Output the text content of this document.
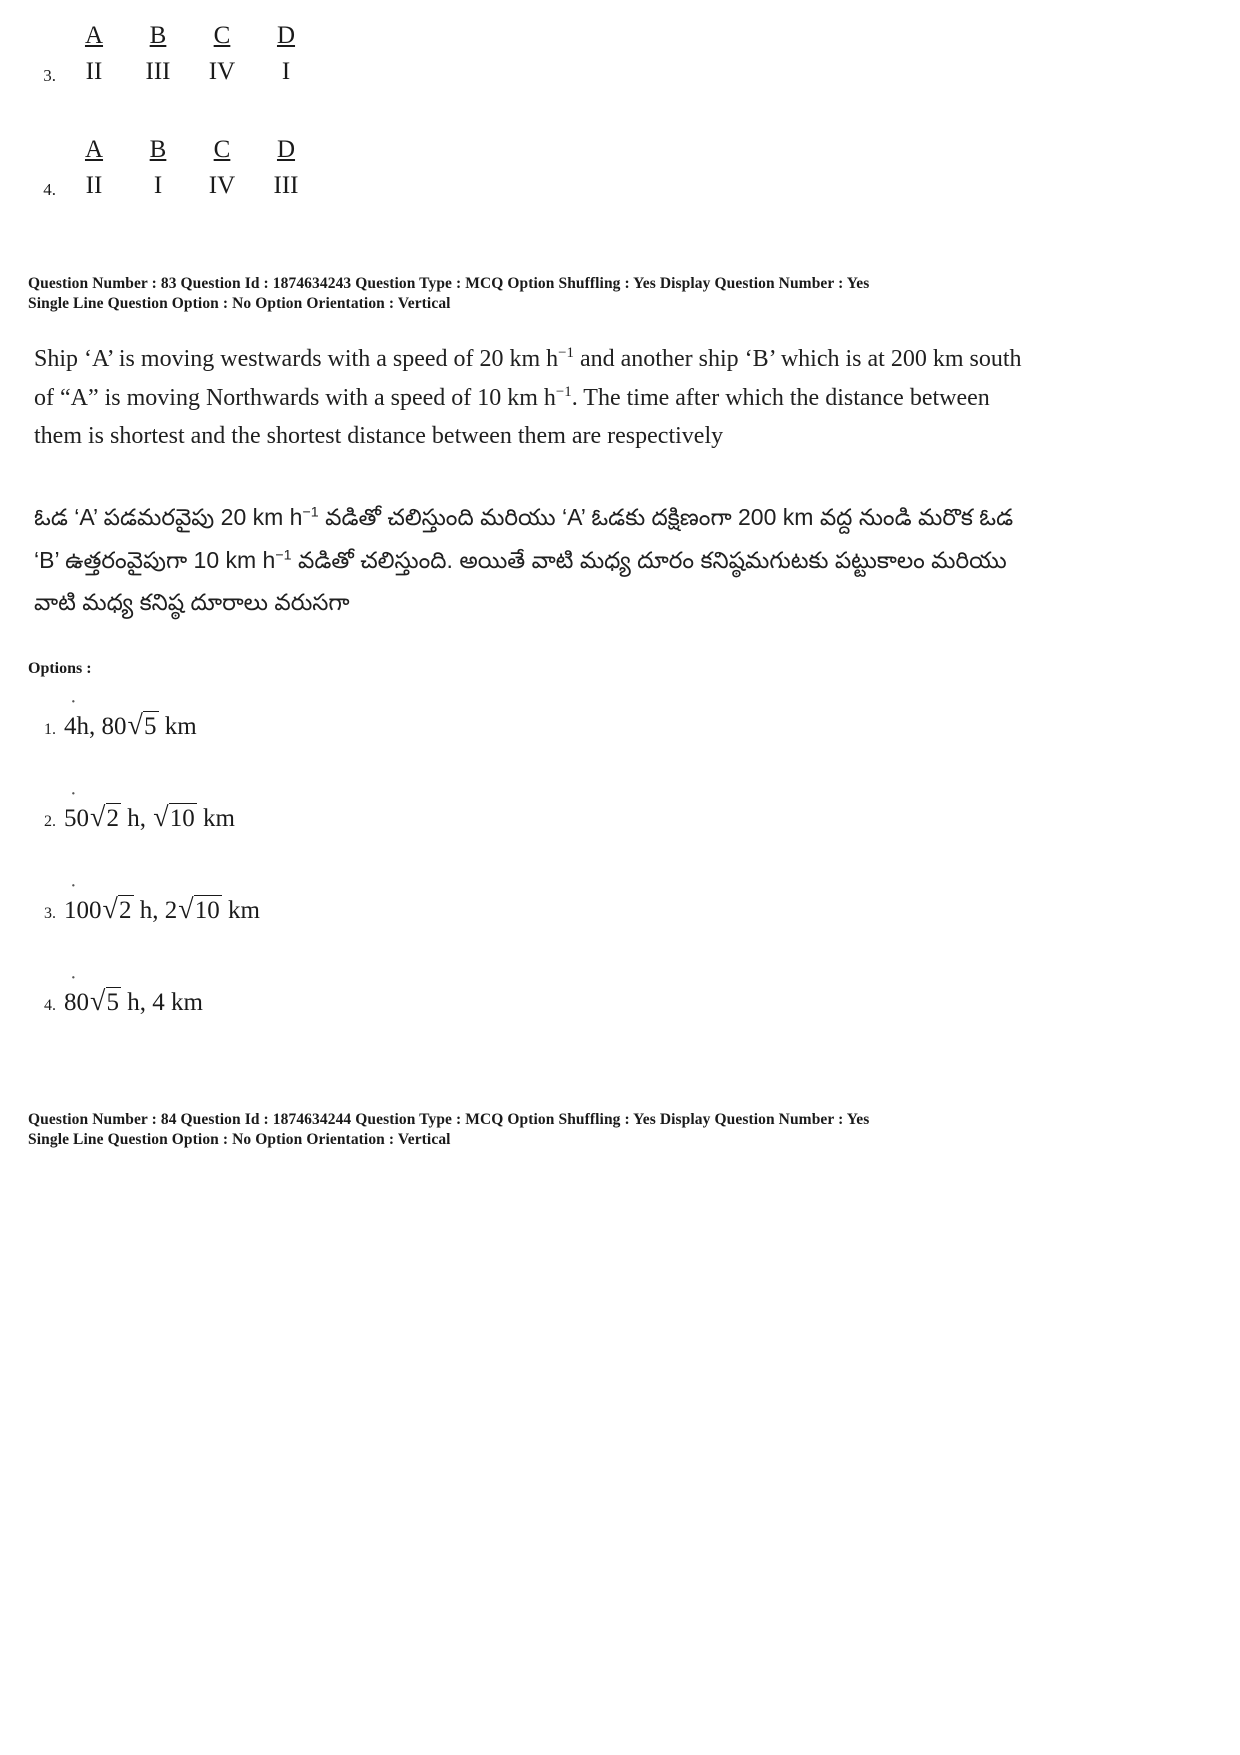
3.
A	B	C	D
II	III	IV	I
4.
A	B	C	D
II	I	IV	III
Question Number : 83 Question Id : 1874634243 Question Type : MCQ Option Shuffling : Yes Display Question Number : Yes
Single Line Question Option : No Option Orientation : Vertical
Ship ‘A’ is moving westwards with a speed of 20 km $h^{-1}$ and another ship ‘B’ which is at 200 km south of “A” is moving Northwards with a speed of 10 km $h^{-1}$. The time after which the distance between them is shortest and the shortest distance between them are respectively
ఓడ ‘A’ పడమరవైపు 20 km $h^{-1}$ వడితో చలిస్తుంది మరియు ‘A’ ఓడకు దక్షిణంగా 200 km వద్ద నుండి మరొక ఓడ ‘B’ ఉత్తరంవైపుగా 10 km $h^{-1}$ వడితో చలిస్తుంది. అయితే వాటి మధ్య దూరం కనిష్ఠమగుటకు పట్టుకాలం మరియు వాటి మధ్య కనిష్ఠ దూరాలు వరుసగా
Options :
1. · 4h, 80 √ 5 km
2. · 50 √ 2 h, √ 10 km
3. · 100 √ 2 h, 2 √ 10 km
4. · 80 √ 5 h, 4 km
Question Number : 84 Question Id : 1874634244 Question Type : MCQ Option Shuffling : Yes Display Question Number : Yes
Single Line Question Option : No Option Orientation : Vertical
